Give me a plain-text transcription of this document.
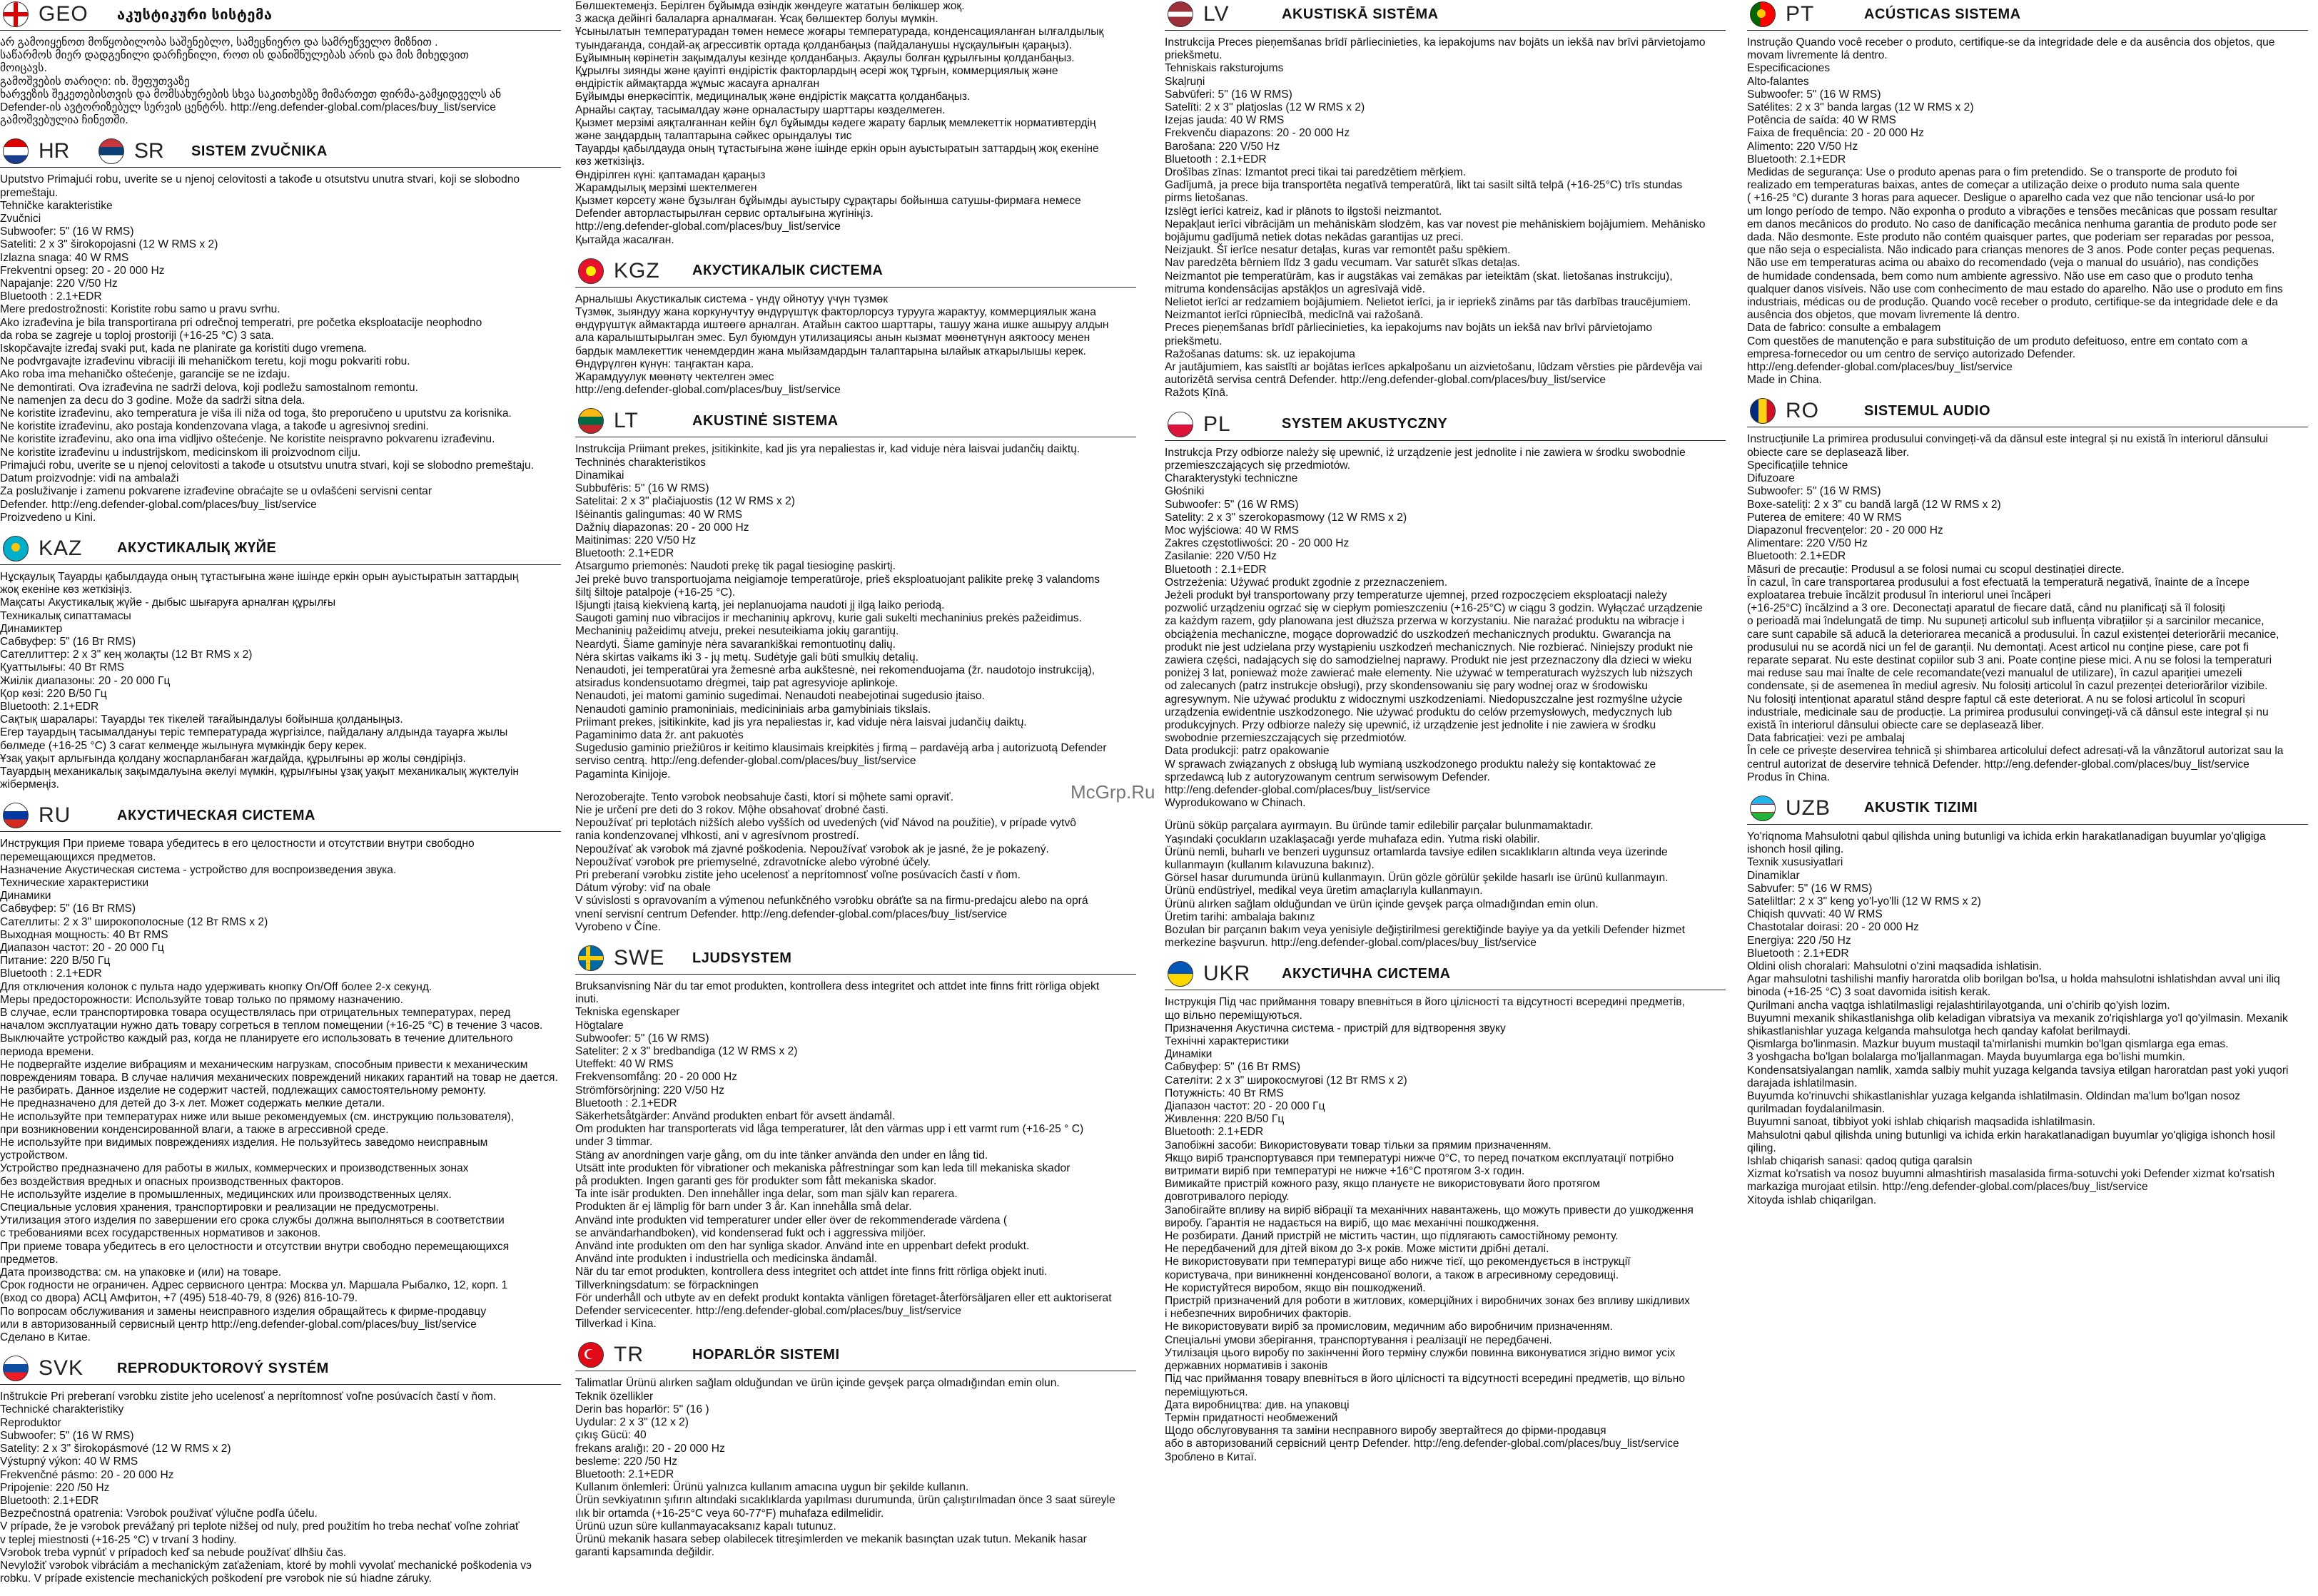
GEO	აკუსტიკური სისტემა

არ გამოიყენოთ მოწყობილობა საშენებლო, სამეცნიერო და სამრეწველო მიზნით .

საწარმოს მიერ დადგენილი დარჩენილი, როთ ის დანიშნულებას არის და მის მიხედვით

მოიცავს.

გამოშვების თარიღი: იხ. შეფუთვაზე

ხარვეზის შეკეთებისთვის და მომსახურების სხვა საკითხებზე მიმართეთ ფირმა-გამყიდველს ან

Defender-ის ავტორიზებულ სერვის ცენტრს. http://eng.defender-global.com/places/buy_list/service

გამოშვებულია ჩინეთში.

HR	SR	SISTEM ZVUČNIKA

Uputstvo Primajući robu, uverite se u njenoj celovitosti a takođe u otsutstvu unutra stvari, koji se slobodno

premeštaju.

Tehničke karakteristike

Zvučnici

Subwoofer: 5" (16 W RMS)

Sateliti: 2 x 3" širokopojasni (12 W RMS x 2)

Izlazna snaga: 40 W RMS

Frekventni opseg: 20 - 20 000 Hz

Napajanje: 220 V/50 Hz

Bluetooth : 2.1+EDR

Mere predostrožnosti: Koristite robu samo u pravu svrhu.

Ako izrađevina je bila transportirana pri odrečnoj temperatri, pre početka eksploatacije neophodno

da roba se zagreje u toploj prostoriji (+16-25 °C) 3 sata.

Iskopčavajte izređaj svaki put, kada ne planirate ga koristiti dugo vremena.

Ne podvrgavajte izrađevinu vibraciji ili mehaničkom teretu, koji mogu pokvariti robu.

Ako roba ima mehaničko oštećenje, garancije se ne izdaju.

Ne demontirati. Ova izrađevina ne sadrži delova, koji podležu samostalnom remontu.

Ne namenjen za decu do 3 godine. Može da sadrži sitna dela.

Ne koristite izrađevinu, ako temperatura je viša ili niža od toga, što preporučeno u uputstvu za korisnika.

Ne koristite izrađevinu, ako postaja kondenzovana vlaga, a takođe u agresivnoj sredini.

Ne koristite izrađevinu, ako ona ima vidljivo oštećenje. Ne koristite neispravno pokvarenu izrađevinu.

Ne koristite izrađevinu u industrijskom, medicinskom ili proizvodnom cilju.

Primajući robu, uverite se u njenoj celovitosti a takođe u otsutstvu unutra stvari, koji se slobodno premeštaju.

Datum proizvodnje: vidi na ambalaži

Za posluživanje i zamenu pokvarene izrađevine obraćajte se u ovlašćeni servisni centar

Defender. http://eng.defender-global.com/places/buy_list/service

Proizvedeno u Kini.

KAZ	АКУСТИКАЛЫҚ ЖҮЙЕ

Нұсқаулық Тауарды қабылдауда оның тұтастығына және ішінде еркін орын ауыстыратын заттардың

жоқ екеніне көз жеткізіңіз.

Мақсаты Акустикалық жүйе - дыбыс шығаруға арналған құрылғы

Техникалық сипаттамасы

Динамиктер

Сабвуфер: 5" (16 Вт RMS)

Сателлиттер: 2 x 3" кең жолақты (12 Вт RMS x 2)

Қуаттылығы: 40 Вт RMS

Жиілік диапазоны: 20 - 20 000 Гц

Қор көзі: 220 В/50 Гц

Bluetooth: 2.1+EDR

Сақтық шаралары: Тауарды тек тікелей тағайындалуы бойынша қолданыңыз.

Егер тауардың тасымалдануы теріс температурада жүргізілсе, пайдалану алдында тауарға жылы

бөлмеде (+16-25 °С) 3 сағат келмеңде жылынуға мүмкіндік беру керек.

Ұзақ уақыт арлығында қолдану жоспарланбаған жағдайда, құрылғыны әр жолы сөндіріңіз.

Тауардың механикалық зақымдалуына әкелуі мүмкін, құрылғыны ұзақ уақыт механикалық жүктелуін

жібермеңіз.

RU	АКУСТИЧЕСКАЯ СИСТЕМА

Инструкция При приеме товара убедитесь в его целостности и отсутствии внутри свободно

перемещающихся предметов.

Назначение Акустическая система - устройство для воспроизведения звука.

Технические характеристики

Динамики

Сабвуфер: 5" (16 Вт RMS)

Сателлиты: 2 x 3" широкополосные (12 Вт RMS x 2)

Выходная мощность: 40 Вт RMS

Диапазон частот: 20 - 20 000 Гц

Питание: 220 В/50 Гц

Bluetooth : 2.1+EDR

Для отключения колонок с пульта надо удерживать кнопку On/Off более 2-х секунд.

Меры предосторожности: Используйте товар только по прямому назначению.

В случае, если транспортировка товара осуществлялась при отрицательных температурах, перед

началом эксплуатации нужно дать товару согреться в теплом помещении (+16-25 °С) в течение 3 часов.

Выключайте устройство каждый раз, когда не планируете его использовать в течение длительного

периода времени.

Не подвергайте изделие вибрациям и механическим нагрузкам, способным привести к механическим

повреждениям товара. В случае наличия механических повреждений никаких гарантий на товар не дается.

Не разбирать. Данное изделие не содержит частей, подлежащих самостоятельному ремонту.

Не предназначено для детей до 3-х лет. Может содержать мелкие детали.

Не используйте при температурах ниже или выше рекомендуемых (см. инструкцию пользователя),

при возникновении конденсированной влаги, а также в агрессивной среде.

Не используйте при видимых повреждениях изделия. Не пользуйтесь заведомо неисправным

устройством.

Устройство предназначено для работы в жилых, коммерческих и производственных зонах

без воздействия вредных и опасных производственных факторов.

Не используйте изделие в промышленных, медицинских или производственных целях.

Специальные условия хранения, транспортировки и реализации не предусмотрены.

Утилизация этого изделия по завершении его срока службы должна выполняться в соответствии

с требованиями всех государственных нормативов и законов.

При приеме товара убедитесь в его целостности и отсутствии внутри свободно перемещающихся

предметов.

Дата производства: см. на упаковке и (или) на товаре.

Срок годности не ограничен. Адрес сервисного центра: Москва ул. Маршала Рыбалко, 12, корп. 1

(вход со двора) АСЦ Амфитон, +7 (495) 518-40-79, 8 (926) 816-10-79.

По вопросам обслуживания и замены неисправного изделия обращайтесь к фирме-продавцу

или в авторизованный сервисный центр http://eng.defender-global.com/places/buy_list/service

Сделано в Китае.

SVK	REPRODUKTOROVÝ SYSTÉM

Inštrukcie Pri preberaní vэrobku zistite jeho ucelenosť a neprítomnosť voľne posúvacích častí v ňom.

Technické charakteristiky

Reproduktor

Subwoofer: 5" (16 W RMS)

Satelity: 2 x 3" širokopásmové (12 W RMS x 2)

Výstupný výkon: 40 W RMS

Frekvenčné pásmo: 20 - 20 000 Hz

Pripojenie: 220 /50 Hz

Bluetooth: 2.1+EDR

Bezpečnostná opatrenia: Vэrobok použivať výlučne podľa účelu.

V prípade, že je vэrobok prevážaný pri teplote nižšej od nuly, pred použitím ho treba nechať voľne zohriať

v teplej miestnosti (+16-25 °C) v trvaní 3 hodiny.

Vэrobok treba vypnúť v prípadoch keď sa nebude používať dlhšiu čas.

Nevyložiť vэrobok vibráciám a mechanickým zaťaženiam, ktoré by mohli vyvolať mechanické poškodenia vэ

robku. V prípade existencie mechanických poškodení pre vэrobok nie sú hiadne záruky.

Бөлшектемеңіз. Берілген бұйымда өзіндік жөндеуге жататын бөлікшер жоқ.

3 жасқа дейінгі балаларға арналмаған. Ұсақ бөлшектер болуы мүмкін.

Ұсынылатын температурадан төмен немесе жоғары температурада, конденсацияланған ылғалдылық

туындағанда, сондай-ақ агрессивтік ортада қолданбаңыз (пайдаланушы нұсқаулығын қараңыз).

Бұйымның көрінетін зақымдалуы кезінде қолданбаңыз. Ақаулы болған құрылғыны қолданбаңыз.

Құрылғы зиянды және қауіпті өндірістік факторлардың әсері жоқ тұрғын, коммерциялық және

өндірістік аймақтарда жұмыс жасауға арналған

Бұйымды өнеркәсіптік, медициналық және өндірістік мақсатта қолданбаңыз.

Арнайы сақтау, тасымалдау және орналастыру шарттары көзделмеген.

Қызмет мерзімі аяқталғаннан кейін бұл бұйымды кәдеге жарату барлық мемлекеттік нормативтердің

және заңдардың талаптарына сәйкес орындалуы тис

Тауарды қабылдауда оның тұтастығына және ішінде еркін орын ауыстыратын заттардың жоқ екеніне

көз жеткізіңіз.

Өндірілген күні: қаптамадан қараңыз

Жарамдылық мерзімі шектелмеген

Қызмет көрсету және бұзылған бұйымды ауыстыру сұрақтары бойынша сатушы-фирмаға немесе

Defender авторластырылған сервис орталығына жүгініңіз.

http://eng.defender-global.com/places/buy_list/service

Қытайда жасалған.

KGZ	АКУСТИКАЛЫК СИСТЕМА

Арналышы Акустикалык система - үндү ойнотуу үчүн түзмөк

Түзмөк, зыяндуу жана коркунучтуу өндүрүштүк факторлорсуз турууга жарактуу, коммерциялык жана

өндүрүштүк аймактарда иштөөгө арналган. Атайын сактоо шарттары, ташуу жана ишке ашыруу алдын

ала каралыштырылган эмес. Бул буюмдун утилизациясы анын кызмат мөөнөтүнүн аяктоосу менен

бардык мамлекеттик ченемдердин жана мыйзамдардын талаптарына ылайык аткарылышы керек.

Өндүрүлгөн күнүн: таңгактан кара.

Жарамдуулук мөөнөтү чектелген эмес

http://eng.defender-global.com/places/buy_list/service

LT	AKUSTINĖ SISTEMA

Instrukcija Priimant prekes, įsitikinkite, kad jis yra nepaliestas ir, kad viduje nėra laisvai judančių daiktų.

Techninės charakteristikos

Dinamikai

Subbufēris: 5" (16 W RMS)

Satelitai: 2 x 3" plačiajuostis (12 W RMS x 2)

Išėinantis galingumas: 40 W RMS

Dažnių diapazonas: 20 - 20 000 Hz

Maitinimas: 220 V/50 Hz

Bluetooth: 2.1+EDR

Atsargumo priemonės: Naudoti prekę tik pagal tiesioginę paskirtį.

Jei prekė buvo transportuojama neigiamoje temperatūroje, prieš eksploatuojant palikite prekę 3 valandoms

šiltį šiltoje patalpoje (+16-25 °C).

Išjungti įtaisą kiekvieną kartą, jei neplanuojama naudoti jį ilgą laiko periodą.

Saugoti gaminį nuo vibracijos ir mechaninių apkrovų, kurie gali sukelti mechaninius prekės pažeidimus.

Mechaninių pažeidimų atveju, prekei nesuteikiama jokių garantijų.

Neardyti. Šiame gaminyje nėra savarankiškai remontuotinų dalių.

Nėra skirtas vaikams iki 3 - jų metų. Sudėtyje gali būti smulkių detalių.

Nenaudoti, jei temperatūrai yra žemesnė arba aukštesnė, nei rekomenduojama (žr. naudotojo instrukciją),

atsiradus kondensuotamo drėgmei, taip pat agresyvioje aplinkoje.

Nenaudoti, jei matomi gaminio sugedimai. Nenaudoti neabejotinai sugedusio įtaiso.

Nenaudoti gaminio pramoniniais, medicininiais arba gamybiniais tikslais.

Priimant prekes, įsitikinkite, kad jis yra nepaliestas ir, kad viduje nėra laisvai judančių daiktų.

Pagaminimo data žr. ant pakuotės

Sugedusio gaminio priežiūros ir keitimo klausimais kreipkitės į firmą – pardavėją arba į autorizuotą Defender

serviso centrą. http://eng.defender-global.com/places/buy_list/service

Pagaminta Kinijoje.

Nerozoberajte. Tento vэrobok neobsahuje časti, ktorí si mộhete sami opraviť.

Nie je určení pre deti do 3 rokov. Mộhe obsahovať drobné časti.

Nepoužívať pri teplotách nižších alebo vyšších od uvedených (viď Návod na použitie), v prípade vytvô

rania kondenzovanej vlhkosti, ani v agresívnom prostredí.

Nepoužívať ak vэrobok má zjavné poškodenia. Nepoužívať vэrobok ak je jasné, že je pokazený.

Nepoužívať vэrobok pre priemyselné, zdravotnícke alebo výrobné účely.

Pri preberaní vэrobku zistite jeho ucelenosť a neprítomnosť voľne posúvacích častí v ňom.

Dátum výroby: viď na obale

V súvislosti s opravovaním a výmenou nefunkčného vэrobku obráťte sa na firmu-predajcu alebo na oprá

vnení servisní centrum Defender. http://eng.defender-global.com/places/buy_list/service

Vyrobeno v Číne.

SWE	LJUDSYSTEM

Bruksanvisning När du tar emot produkten, kontrollera dess integritet och attdet inte finns fritt rörliga objekt

inuti.

Tekniska egenskaper

Högtalare

Subwoofer: 5" (16 W RMS)

Sateliter: 2 x 3" bredbandiga (12 W RMS x 2)

Uteffekt: 40 W RMS

Frekvensomfång: 20 - 20 000 Hz

Strömförsörjning: 220 V/50 Hz

Bluetooth : 2.1+EDR

Säkerhetsåtgärder: Använd produkten enbart för avsett ändamål.

Om produkten har transporterats vid låga temperaturer, låt den värmas upp i ett varmt rum (+16-25 ° C)

under 3 timmar.

Stäng av anordningen varje gång, om du inte tänker använda den under en lång tid.

Utsätt inte produkten för vibrationer och mekaniska påfrestningar som kan leda till mekaniska skador

på produkten. Ingen garanti ges för produkter som fått mekaniska skador.

Ta inte isär produkten. Den innehåller inga delar, som man själv kan reparera.

Produkten är ej lämplig för barn under 3 år. Kan innehålla små delar.

Använd inte produkten vid temperaturer under eller över de rekommenderade värdena (

se användarhandboken), vid kondenserad fukt och i aggressiva miljöer.

Använd inte produkten om den har synliga skador. Använd inte en uppenbart defekt produkt.

Använd inte produkten i industriella och medicinska ändamål.

När du tar emot produkten, kontrollera dess integritet och attdet inte finns fritt rörliga objekt inuti.

Tillverkningsdatum: se förpackningen

För underhåll och utbyte av en defekt produkt kontakta vänligen företaget-återförsäljaren eller ett auktoriserat

Defender servicecenter. http://eng.defender-global.com/places/buy_list/service

Tillverkad i Kina.

TR	HOPARLÖR SISTEMI

Talimatlar Ürünü alırken sağlam olduğundan ve ürün içinde gevşek parça olmadığından emin olun.

Teknik özellikler

Derin bas hoparlör: 5" (16 )

Uydular: 2 x 3" (12 x 2)

çıkış Gücü: 40

frekans aralığı: 20 - 20 000 Hz

besleme: 220 /50 Hz

Bluetooth: 2.1+EDR

Kullanım önlemleri: Ürünü yalnızca kullanım amacına uygun bir şekilde kullanın.

Ürün sevkiyatının şıfırın altındaki sıcaklıklarda yapılması durumunda, ürün çalıştırılmadan önce 3 saat süreyle

ılık bir ortamda (+16-25°C veya 60-77°F) muhafaza edilmelidir.

Ürünü uzun süre kullanmayacaksanız kapalı tutunuz.

Ürünü mekanik hasara sebep olabilecek titreşimlerden ve mekanik basınçtan uzak tutun. Mekanik hasar

garanti kapsamında değildir.

LV	AKUSTISKĀ SISTĒMA

Instrukcija Preces pieņemšanas brīdī pārliecinieties, ka iepakojums nav bojāts un iekšā nav brīvi pārvietojamo

priekšmetu.

Tehniskais raksturojums

Skaļruņi

Sabvūferi: 5" (16 W RMS)

Satelīti: 2 x 3" platjoslas (12 W RMS x 2)

Izejas jauda: 40 W RMS

Frekvenču diapazons: 20 - 20 000 Hz

Barošana: 220 V/50 Hz

Bluetooth : 2.1+EDR

Drošības zīnas: Izmantot preci tikai tai paredzētiem mērķiem.

Gadījumā, ja prece bija transportēta negatīvā temperatūrā, likt tai sasilt siltā telpā (+16-25°C) trīs stundas

pirms lietošanas.

Izslēgt ierīci katreiz, kad ir plānots to ilgstoši neizmantot.

Nepakļaut ierīci vibrācijām un mehāniskām slodzēm, kas var novest pie mehāniskiem bojājumiem. Mehānisko

bojājumu gadījumā netiek dotas nekādas garantijas uz preci.

Neizjaukt. Šī ierīce nesatur detaļas, kuras var remontēt pašu spēkiem.

Nav paredzēta bērniem līdz 3 gadu vecumam. Var saturēt sīkas detaļas.

Neizmantot pie temperatūrām, kas ir augstākas vai zemākas par ieteiktām (skat. lietošanas instrukciju),

mitruma kondensācijas apstākļos un agresīvajā vidē.

Nelietot ierīci ar redzamiem bojājumiem. Nelietot ierīci, ja ir iepriekš zināms par tās darbības traucējumiem.

Neizmantot ierīci rūpniecībā, medicīnā vai ražošanā.

Preces pieņemšanas brīdī pārliecinieties, ka iepakojums nav bojāts un iekšā nav brīvi pārvietojamo

priekšmetu.

Ražošanas datums: sk. uz iepakojuma

Ar jautājumiem, kas saistīti ar bojātas ierīces apkalpošanu un aizvietošanu, lūdzam vērsties pie pārdevēja vai

autorizētā servisa centrā Defender. http://eng.defender-global.com/places/buy_list/service

Ražots Ķīnā.

PL	SYSTEM AKUSTYCZNY

Instrukcja Przy odbiorze należy się upewnić, iż urządzenie jest jednolite i nie zawiera w środku swobodnie

przemieszczających się przedmiotów.

Charakterystyki techniczne

Głośniki

Subwoofer: 5" (16 W RMS)

Satelity: 2 x 3" szerokopasmowy (12 W RMS x 2)

Moc wyjściowa: 40 W RMS

Zakres częstotliwości: 20 - 20 000 Hz

Zasilanie: 220 V/50 Hz

Bluetooth : 2.1+EDR

Ostrzeżenia: Używać produkt zgodnie z przeznaczeniem.

Jeżeli produkt był transportowany przy temperaturze ujemnej, przed rozpoczęciem eksploatacji należy

pozwolić urządzeniu ogrzać się w ciepłym pomieszczeniu (+16-25°C) w ciągu 3 godzin. Wyłączać urządzenie

za każdym razem, gdy planowana jest dłuższa przerwa w korzystaniu. Nie narażać produktu na wibracje i

obciążenia mechaniczne, mogące doprowadzić do uszkodzeń mechanicznych produktu. Gwarancja na

produkt nie jest udzielana przy wystąpieniu uszkodzeń mechanicznych. Nie rozbierać. Niniejszy produkt nie

zawiera części, nadających się do samodzielnej naprawy. Produkt nie jest przeznaczony dla dzieci w wieku

poniżej 3 lat, ponieważ może zawierać małe elementy. Nie używać w temperaturach wyższych lub niższych

od zalecanych (patrz instrukcje obsługi), przy skondensowaniu się pary wodnej oraz w środowisku

agresywnym. Nie używać produktu z widocznymi uszkodzeniami. Niedopuszczalne jest rozmyślne użycie

urządzenia ewidentnie uszkodzonego. Nie używać produktu do celów przemysłowych, medycznych lub

produkcyjnych. Przy odbiorze należy się upewnić, iż urządzenie jest jednolite i nie zawiera w środku

swobodnie przemieszczających się przedmiotów.

Data produkcji: patrz opakowanie

W sprawach związanych z obsługą lub wymianą uszkodzonego produktu należy się kontaktować ze

sprzedawcą lub z autoryzowanym centrum serwisowym Defender.

http://eng.defender-global.com/places/buy_list/service

Wyprodukowano w Chinach.

Ürünü söküp parçalara ayırmayın. Bu üründe tamir edilebilir parçalar bulunmamaktadır.

Yaşındaki çocukların uzaklaşacağı yerde muhafaza edin. Yutma riski olabilir.

Ürünü nemli, buharlı ve benzeri uygunsuz ortamlarda tavsiye edilen sıcaklıkların altında veya üzerinde

kullanmayın (kullanım kılavuzuna bakınız).

Görsel hasar durumunda ürünü kullanmayın. Ürün gözle görülür şekilde hasarlı ise ürünü kullanmayın.

Ürünü endüstriyel, medikal veya üretim amaçlarıyla kullanmayın.

Ürünü alırken sağlam olduğundan ve ürün içinde gevşek parça olmadığından emin olun.

Üretim tarihi: ambalaja bakınız

Bozulan bir parçanın bakım veya yenisiyle değiştirilmesi gerektiğinde bayiye ya da yetkili Defender hizmet

merkezine başvurun. http://eng.defender-global.com/places/buy_list/service

UKR	АКУСТИЧНА СИСТЕМА

Інструкція Під час приймання товару впевніться в його цілісності та відсутності всередині предметів,

що вільно переміщуються.

Призначення Акустична система - пристрій для відтворення звуку

Технічні характеристики

Динаміки

Сабвуфер: 5" (16 Вт RMS)

Сателіти: 2 x 3" широкосмугові (12 Вт RMS x 2)

Потужність: 40 Вт RMS

Діапазон частот: 20 - 20 000 Гц

Живлення: 220 В/50 Гц

Bluetooth: 2.1+EDR

Запобіжні засоби: Використовувати товар тільки за прямим призначенням.

Якщо виріб транспортувався при температурі нижче 0°С, то перед початком експлуатації потрібно

витримати виріб при температурі не нижче +16°С протягом 3-х годин.

Вимикайте пристрій кожного разу, якщо плануєте не використовувати його протягом

довготривалого періоду.

Запобігайте впливу на виріб вібрації та механічних навантажень, що можуть привести до ушкодження

виробу. Гарантія не надається на виріб, що має механічні пошкодження.

Не розбирати. Даний пристрій не містить частин, що підлягають самостійному ремонту.

Не передбачений для дітей віком до 3-х років. Може містити дрібні деталі.

Не використовувати при температурі вище або нижче тієї, що рекомендується в інструкції

користувача, при виникненні конденсованої вологи, а також в агресивному середовищі.

Не користуйтеся виробом, якщо він пошкоджений.

Пристрій призначений для роботи в житлових, комерційних і виробничих зонах без впливу шкідливих

і небезпечних виробничих факторів.

Не використовувати виріб за промисловим, медичним або виробничим призначенням.

Спеціальні умови зберігання, транспортування і реалізації не передбачені.

Утилізація цього виробу по закінченні його терміну служби повинна виконуватися згідно вимог усіх

державних нормативів і законів

Під час приймання товару впевніться в його цілісності та відсутності всередині предметів, що вільно

переміщуються.

Дата виробництва: див. на упаковці

Термін придатності необмежений

Щодо обслуговування та заміни несправного виробу звертайтеся до фірми-продавця

або в авторизований сервісний центр Defender. http://eng.defender-global.com/places/buy_list/service

Зроблено в Китаї.

PT	ACÚSTICAS SISTEMA

Instrução Quando você receber o produto, certifique-se da integridade dele e da ausência dos objetos, que

movam livremente lá dentro.

Especificaciones

Alto-falantes

Subwoofer: 5" (16 W RMS)

Satélites: 2 x 3" banda largas (12 W RMS x 2)

Potência de saída: 40 W RMS

Faixa de frequência: 20 - 20 000 Hz

Alimento: 220 V/50 Hz

Bluetooth: 2.1+EDR

Medidas de segurança: Use o produto apenas para o fim pretendido. Se o transporte de produto foi

realizado em temperaturas baixas, antes de começar a utilização deixe o produto numa sala quente

( +16-25 °C) durante 3 horas para aquecer. Desligue o aparelho cada vez que não tencionar usá-lo por

um longo período de tempo. Não exponha o produto a vibrações e tensões mecânicas que possam resultar

em danos mecânicos do produto. No caso de danificação mecânica nenhuma garantia de produto pode ser

dada. Não desmonte. Este produto não contém quaisquer partes, que poderiam ser reparadas por pessoa,

que não seja o especialista. Não indicado para crianças menores de 3 anos. Pode conter peças pequenas.

Não use em temperaturas acima ou abaixo do recomendado (veja o manual do usuário), nas condições

de humidade condensada, bem como num ambiente agressivo. Não use em caso que o produto tenha

qualquer danos visíveis. Não use com conhecimento de mau estado do aparelho. Não use o produto em fins

industriais, médicas ou de produção. Quando você receber o produto, certifique-se da integridade dele e da

ausência dos objetos, que movam livremente lá dentro.

Data de fabrico: consulte a embalagem

Com questões de manutenção e para substituição de um produto defeituoso, entre em contato com a

empresa-fornecedor ou um centro de serviço autorizado Defender.

http://eng.defender-global.com/places/buy_list/service

Made in China.

RO	SISTEMUL AUDIO

Instrucțiunile La primirea produsului convingeți-vă da dănsul este integral și nu există în interiorul dănsului

obiecte care se deplasează liber.

Specificațiile tehnice

Difuzoare

Subwoofer: 5" (16 W RMS)

Boxe-sateliți: 2 x 3" cu bandă largă (12 W RMS x 2)

Puterea de emitere: 40 W RMS

Diapazonul frecvențelor: 20 - 20 000 Hz

Alimentare: 220 V/50 Hz

Bluetooth: 2.1+EDR

Măsuri de precauție: Produsul a se folosi numai cu scopul destinației directe.

În cazul, în care transportarea produsului a fost efectuată la temperatură negativă, înainte de a începe

exploatarea trebuie încălzit produsul în interiorul unei încăperi

(+16-25°C) încălzind a 3 ore. Deconectați aparatul de fiecare dată, când nu planificați să îl folosiți

o perioadă mai îndelungată de timp. Nu supuneți articolul sub influența vibrațiilor și a sarcinilor mecanice,

care sunt capabile să aducă la deteriorarea mecanică a produsului. În cazul existenței deteriorării mecanice,

produsului nu se acordă nici un fel de garanții. Nu demontați. Acest articol nu conține piese, care pot fi

reparate separat. Nu este destinat copiilor sub 3 ani. Poate conține piese mici. A nu se folosi la temperaturi

mai reduse sau mai înalte de cele recomandate(vezi manualul de utilizare), în cazul apariției umezeli

condensate, și de asemenea în mediul agresiv. Nu folosiți articolul în cazul prezenței deteriorărilor vizibile.

Nu folosiți intenționat aparatul stând despre faptul că este deteriorat. A nu se folosi articolul în scopuri

industriale, medicinale sau de producție. La primirea produsului convingeți-vă că dânsul este integral și nu

există în interiorul dânsului obiecte care se deplasează liber.

Data fabricației: vezi pe ambalaj

În cele ce privește deservirea tehnică și shimbarea articolului defect adresați-vă la vânzătorul autorizat sau la

centrul autorizat de deservire tehnică Defender. http://eng.defender-global.com/places/buy_list/service

Produs în China.

UZB	AKUSTIK TIZIMI

Yo'riqnoma Mahsulotni qabul qilishda uning butunligi va ichida erkin harakatlanadigan buyumlar yo'qligiga

ishonch hosil qiling.

Texnik xususiyatlari

Dinamiklar

Sabvufer: 5" (16 W RMS)

Sateliltlar: 2 x 3" keng yo'l-yo'lli (12 W RMS x 2)

Chiqish quvvati: 40 W RMS

Chastotalar doirasi: 20 - 20 000 Hz

Energiya: 220 /50 Hz

Bluetooth : 2.1+EDR

Oldini olish choralari: Mahsulotni o'zini maqsadida ishlatisin.

Agar mahsulotni tashilishi manfiy haroratda olib borilgan bo'lsa, u holda mahsulotni ishlatishdan avval uni iliq

binoda (+16-25 °C) 3 soat davomida isitish kerak.

Qurilmani ancha vaqtga ishlatilmasligi rejalashtirilayotganda, uni o'chirib qo'yish lozim.

Buyumni mexanik shikastlanishga olib keladigan vibratsiya va mexanik zo'riqishlarga yo'l qo'yilmasin. Mexanik

shikastlanishlar yuzaga kelganda mahsulotga hech qanday kafolat berilmaydi.

Qismlarga bo'linmasin. Mazkur buyum mustaqil ta'mirlanishi mumkin bo'lgan qismlarga ega emas.

3 yoshgacha bo'lgan bolalarga mo'ljallanmagan. Mayda buyumlarga ega bo'lishi mumkin.

Kondensatsiyalangan namlik, xamda salbiy muhit yuzaga kelganda tavsiya etilgan haroratdan past yoki yuqori

darajada ishlatilmasin.

Buyumda ko'rinuvchi shikastlanishlar yuzaga kelganda ishlatilmasin. Oldindan ma'lum bo'lgan nosoz

qurilmadan foydalanilmasin.

Buyumni sanoat, tibbiyot yoki ishlab chiqarish maqsadida ishlatilmasin.

Mahsulotni qabul qilishda uning butunligi va ichida erkin harakatlanadigan buyumlar yo'qligiga ishonch hosil

qiling.

Ishlab chiqarish sanasi: qadoq qutiga qaralsin

Xizmat ko'rsatish va nosoz buyumni almashtirish masalasida firma-sotuvchi yoki Defender xizmat ko'rsatish

markaziga murojaat etilsin. http://eng.defender-global.com/places/buy_list/service

Xitoyda ishlab chiqarilgan.

McGrp.Ru
